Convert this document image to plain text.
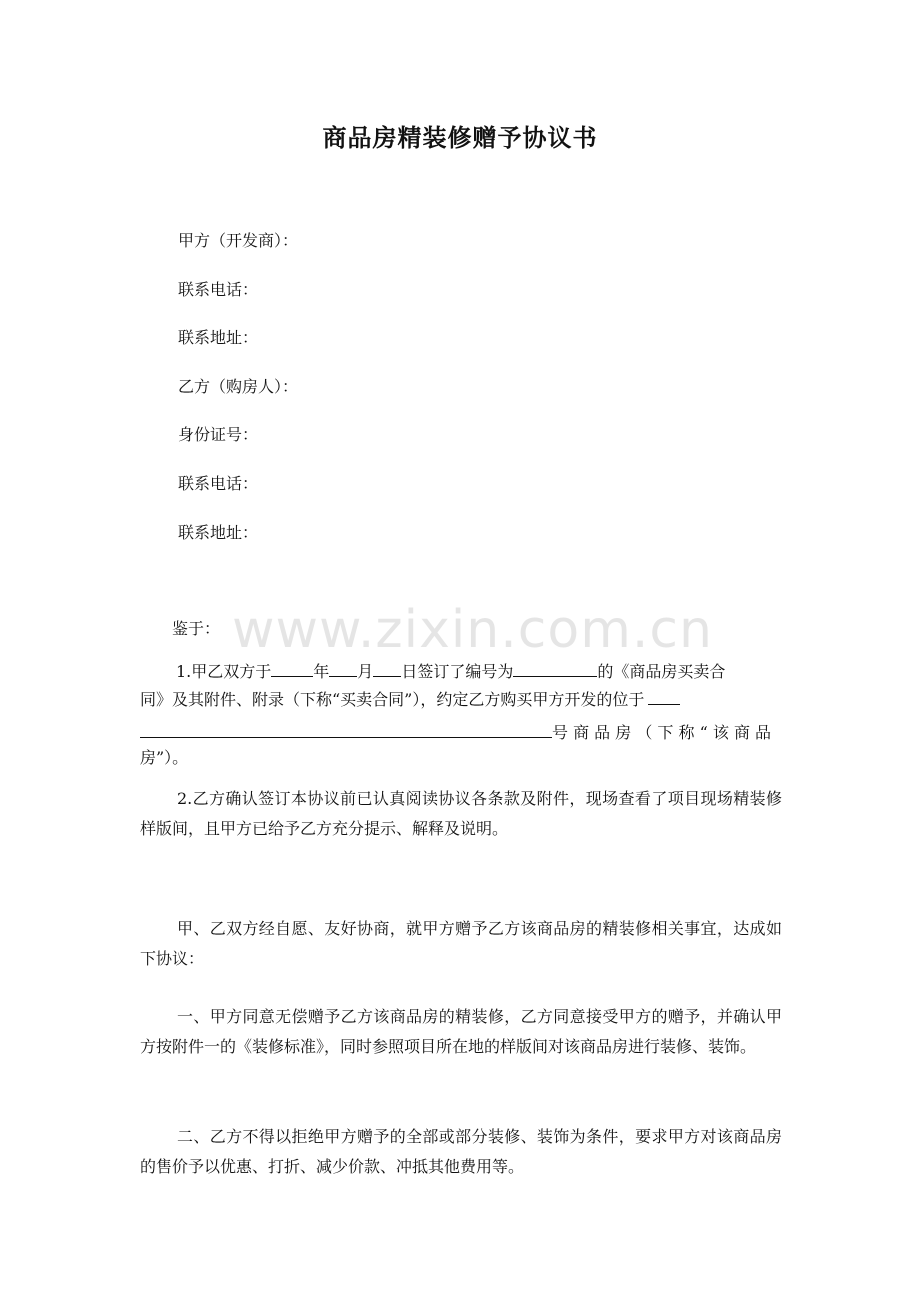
商品房精装修赠予协议书
甲方（开发商）：
联系电话：
联系地址：
乙方（购房人）：
身份证号：
联系电话：
联系地址：
www.zixin.com.cn
鉴于：
1.甲乙双方于	年 月 日签订了编号为	的《商品房买卖合
同》及其附件、附录（下称“买卖合同”），约定乙方购买甲方开发的位于
号 商 品 房 （ 下 称 “ 该 商 品
房”）。
2.乙方确认签订本协议前已认真阅读协议各条款及附件，现场查看了项目现场精装修样版间，且甲方已给予乙方充分提示、解释及说明。
甲、乙双方经自愿、友好协商，就甲方赠予乙方该商品房的精装修相关事宜，达成如下协议：
一、甲方同意无偿赠予乙方该商品房的精装修，乙方同意接受甲方的赠予，并确认甲方按附件一的《装修标准》，同时参照项目所在地的样版间对该商品房进行装修、装饰。
二、乙方不得以拒绝甲方赠予的全部或部分装修、装饰为条件，要求甲方对该商品房的售价予以优惠、打折、减少价款、冲抵其他费用等。
